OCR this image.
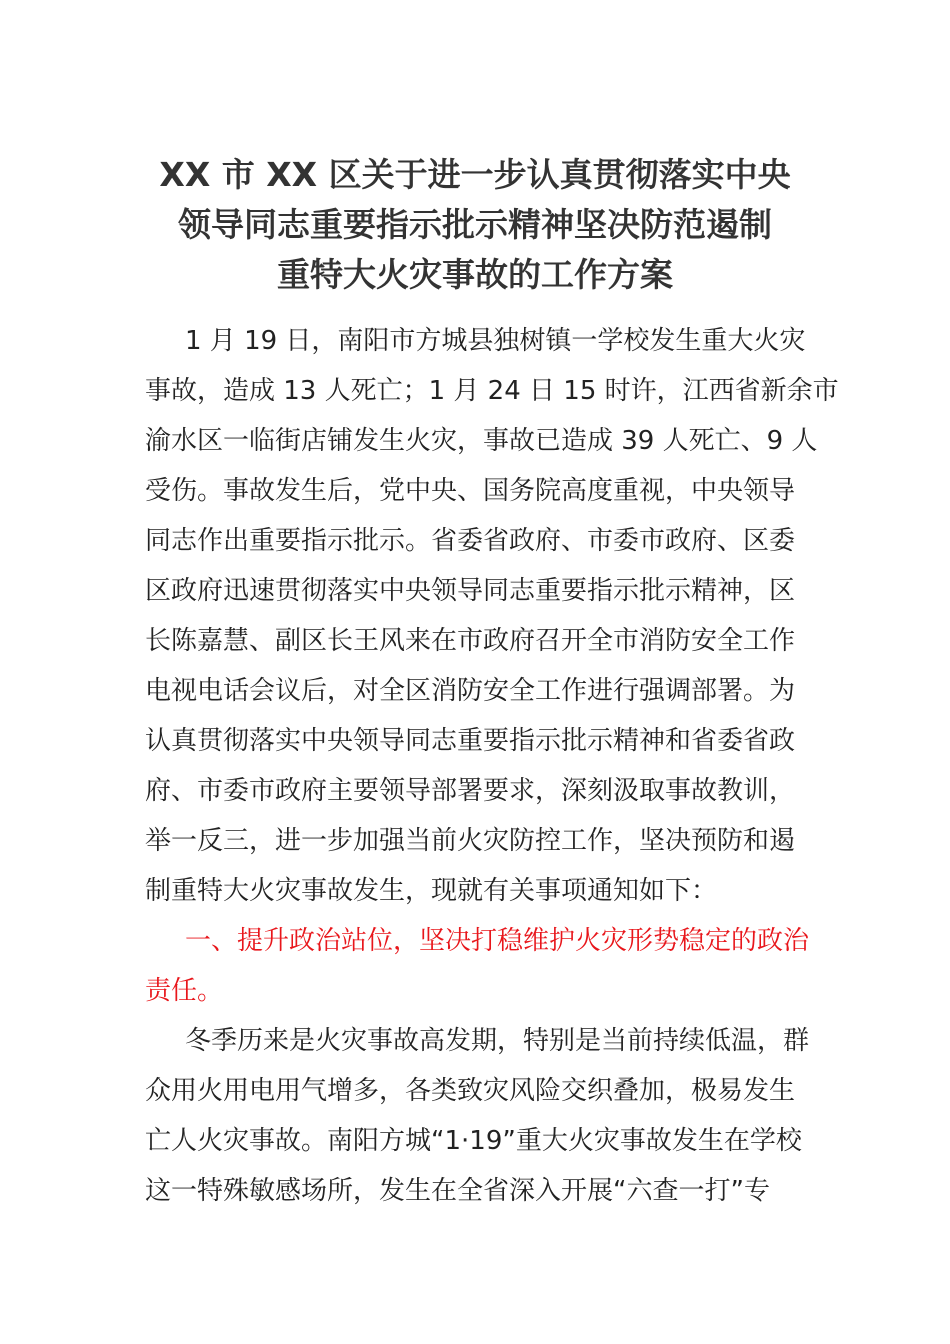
XX 市 XX 区关于进一步认真贯彻落实中央
领导同志重要指示批示精神坚决防范遏制
重特大火灾事故的工作方案
1 月 19 日，南阳市方城县独树镇一学校发生重大火灾
事故，造成 13 人死亡；1 月 24 日 15 时许，江西省新余市
渝水区一临街店铺发生火灾，事故已造成 39 人死亡、9 人
受伤。事故发生后，党中央、国务院高度重视，中央领导
同志作出重要指示批示。省委省政府、市委市政府、区委
区政府迅速贯彻落实中央领导同志重要指示批示精神，区
长陈嘉慧、副区长王风来在市政府召开全市消防安全工作
电视电话会议后，对全区消防安全工作进行强调部署。为
认真贯彻落实中央领导同志重要指示批示精神和省委省政
府、市委市政府主要领导部署要求，深刻汲取事故教训，
举一反三，进一步加强当前火灾防控工作，坚决预防和遏
制重特大火灾事故发生，现就有关事项通知如下：
一、提升政治站位，坚决打稳维护火灾形势稳定的政治
责任。
冬季历来是火灾事故高发期，特别是当前持续低温，群
众用火用电用气增多，各类致灾风险交织叠加，极易发生
亡人火灾事故。南阳方城“1·19”重大火灾事故发生在学校
这一特殊敏感场所，发生在全省深入开展“六查一打”专
